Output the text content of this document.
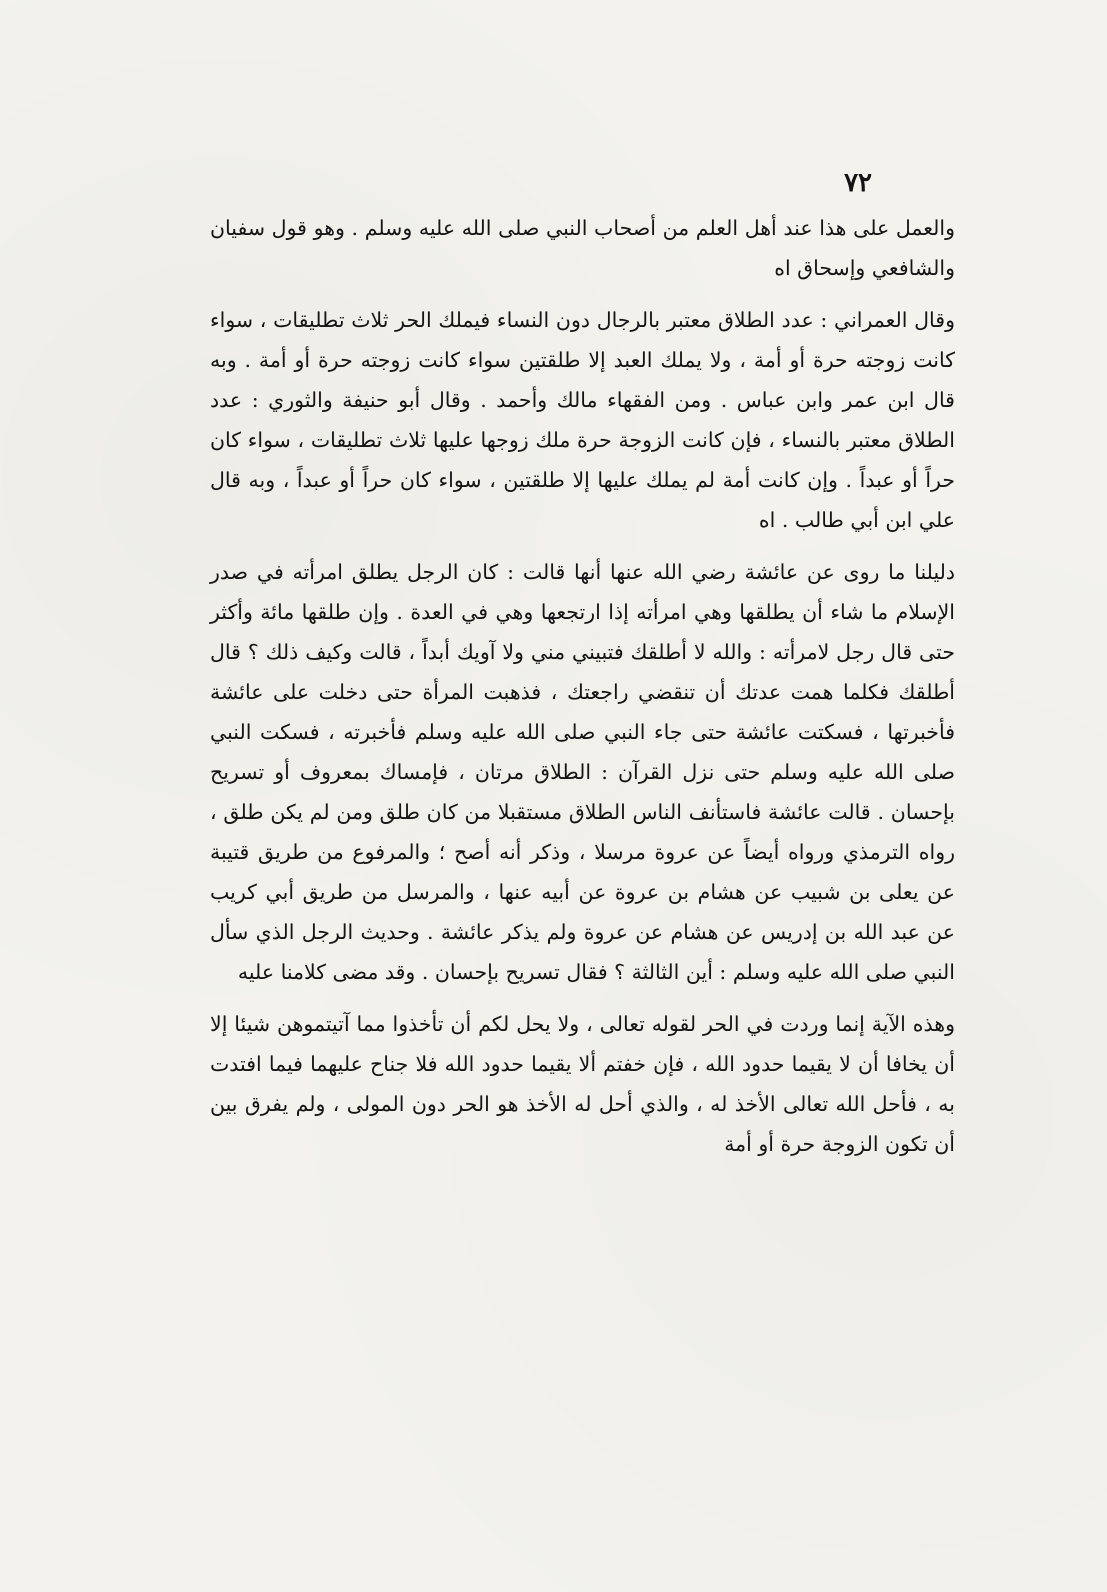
٧٢

والعمل على هذا عند أهل العلم من أصحاب النبي صلى الله عليه وسلم . وهو قول سفيان والشافعي وإسحاق اه

وقال العمراني : عدد الطلاق معتبر بالرجال دون النساء فيملك الحر ثلاث تطليقات ، سواء كانت زوجته حرة أو أمة ، ولا يملك العبد إلا طلقتين سواء كانت زوجته حرة أو أمة . وبه قال ابن عمر وابن عباس . ومن الفقهاء مالك وأحمد . وقال أبو حنيفة والثوري : عدد الطلاق معتبر بالنساء ، فإن كانت الزوجة حرة ملك زوجها عليها ثلاث تطليقات ، سواء كان حراً أو عبداً . وإن كانت أمة لم يملك عليها إلا طلقتين ، سواء كان حراً أو عبداً ، وبه قال علي ابن أبي طالب . اه

دليلنا ما روى عن عائشة رضي الله عنها أنها قالت : كان الرجل يطلق امرأته في صدر الإسلام ما شاء أن يطلقها وهي امرأته إذا ارتجعها وهي في العدة . وإن طلقها مائة وأكثر حتى قال رجل لامرأته : والله لا أطلقك فتبيني مني ولا آويك أبداً ، قالت وكيف ذلك ؟ قال أطلقك فكلما همت عدتك أن تنقضي راجعتك ، فذهبت المرأة حتى دخلت على عائشة فأخبرتها ، فسكتت عائشة حتى جاء النبي صلى الله عليه وسلم فأخبرته ، فسكت النبي صلى الله عليه وسلم حتى نزل القرآن : الطلاق مرتان ، فإمساك بمعروف أو تسريح بإحسان . قالت عائشة فاستأنف الناس الطلاق مستقبلا من كان طلق ومن لم يكن طلق ، رواه الترمذي ورواه أيضاً عن عروة مرسلا ، وذكر أنه أصح ؛ والمرفوع من طريق قتيبة عن يعلى بن شبيب عن هشام بن عروة عن أبيه عنها ، والمرسل من طريق أبي كريب عن عبد الله بن إدريس عن هشام عن عروة ولم يذكر عائشة . وحديث الرجل الذي سأل النبي صلى الله عليه وسلم : أين الثالثة ؟ فقال تسريح بإحسان . وقد مضى كلامنا عليه

وهذه الآية إنما وردت في الحر لقوله تعالى ، ولا يحل لكم أن تأخذوا مما آتيتموهن شيئا إلا أن يخافا أن لا يقيما حدود الله ، فإن خفتم ألا يقيما حدود الله فلا جناح عليهما فيما افتدت به ، فأحل الله تعالى الأخذ له ، والذي أحل له الأخذ هو الحر دون المولى ، ولم يفرق بين أن تكون الزوجة حرة أو أمة
